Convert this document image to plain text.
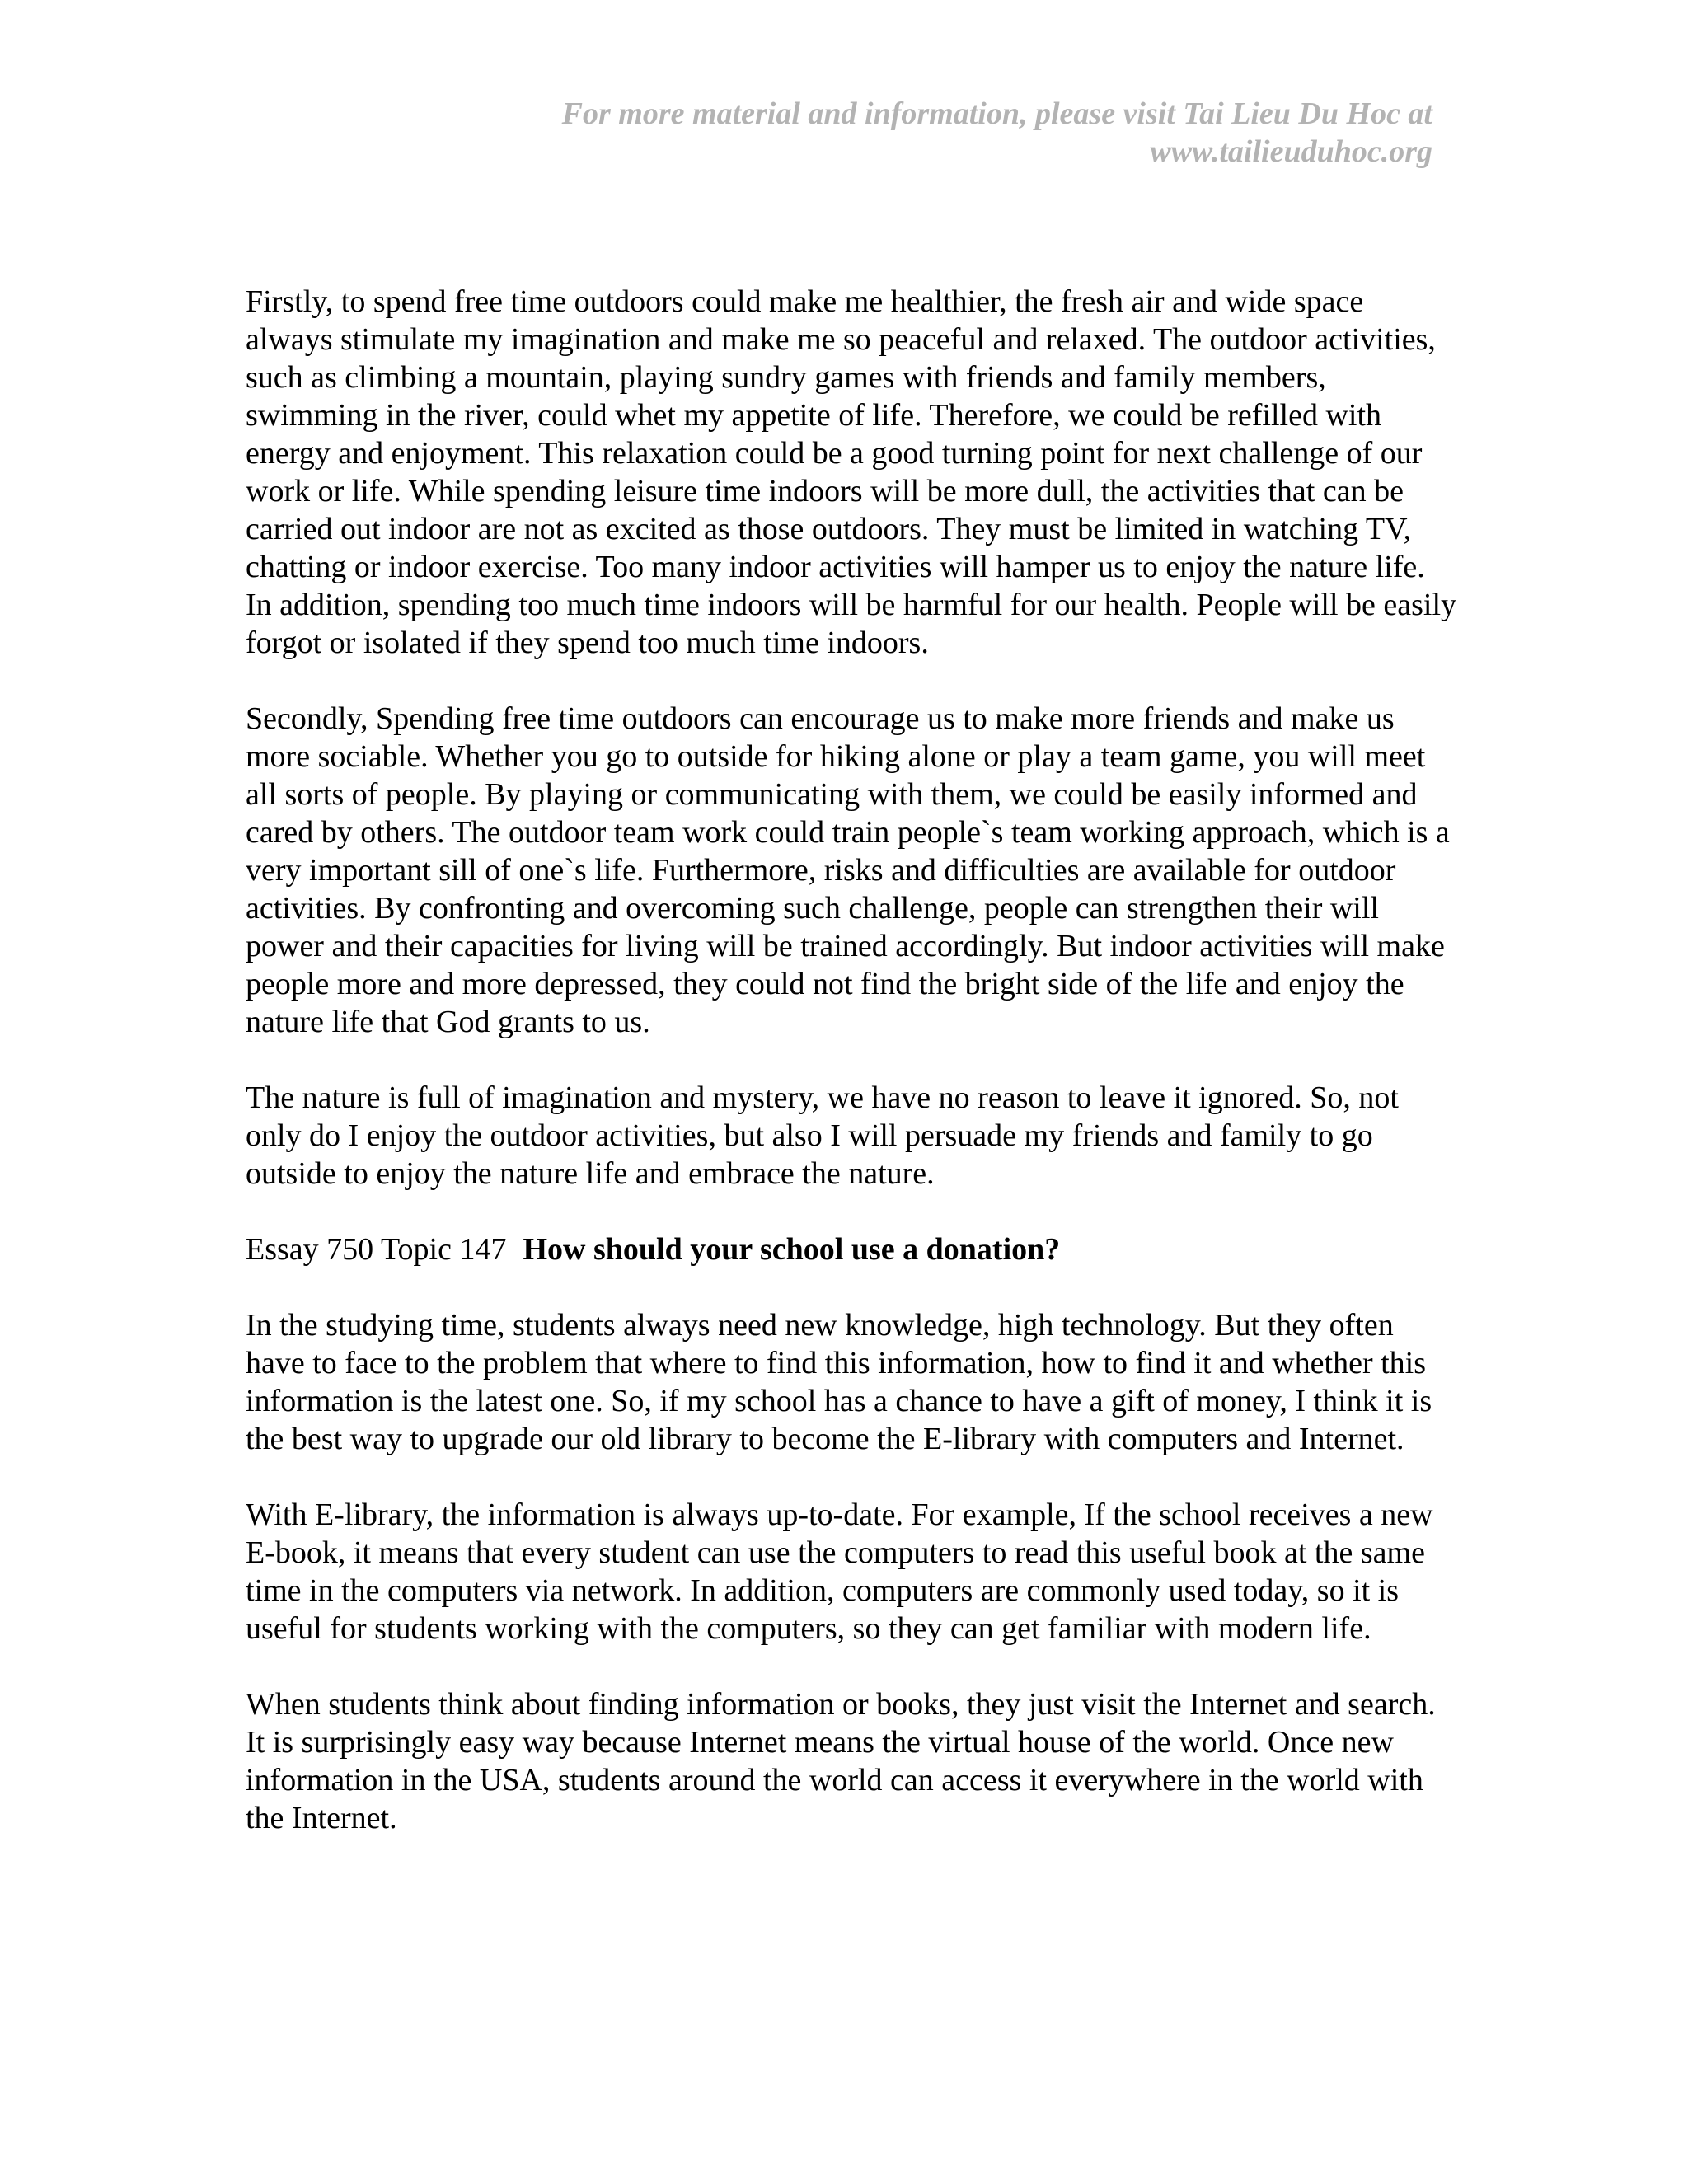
For more material and information, please visit Tai Lieu Du Hoc at
www.tailieuduhoc.org

Firstly, to spend free time outdoors could make me healthier, the fresh air and wide space always stimulate my imagination and make me so peaceful and relaxed. The outdoor activities, such as climbing a mountain, playing sundry games with friends and family members, swimming in the river, could whet my appetite of life. Therefore, we could be refilled with energy and enjoyment. This relaxation could be a good turning point for next challenge of our work or life. While spending leisure time indoors will be more dull, the activities that can be carried out indoor are not as excited as those outdoors. They must be limited in watching TV, chatting or indoor exercise. Too many indoor activities will hamper us to enjoy the nature life. In addition, spending too much time indoors will be harmful for our health. People will be easily forgot or isolated if they spend too much time indoors.

Secondly, Spending free time outdoors can encourage us to make more friends and make us more sociable. Whether you go to outside for hiking alone or play a team game, you will meet all sorts of people. By playing or communicating with them, we could be easily informed and cared by others. The outdoor team work could train people`s team working approach, which is a very important sill of one`s life. Furthermore, risks and difficulties are available for outdoor activities. By confronting and overcoming such challenge, people can strengthen their will power and their capacities for living will be trained accordingly. But indoor activities will make people more and more depressed, they could not find the bright side of the life and enjoy the nature life that God grants to us.

The nature is full of imagination and mystery, we have no reason to leave it ignored. So, not only do I enjoy the outdoor activities, but also I will persuade my friends and family to go outside to enjoy the nature life and embrace the nature.

Essay 750 Topic 147 How should your school use a donation?

In the studying time, students always need new knowledge, high technology. But they often have to face to the problem that where to find this information, how to find it and whether this information is the latest one. So, if my school has a chance to have a gift of money, I think it is the best way to upgrade our old library to become the E-library with computers and Internet.

With E-library, the information is always up-to-date. For example, If the school receives a new E-book, it means that every student can use the computers to read this useful book at the same time in the computers via network. In addition, computers are commonly used today, so it is useful for students working with the computers, so they can get familiar with modern life.

When students think about finding information or books, they just visit the Internet and search. It is surprisingly easy way because Internet means the virtual house of the world. Once new information in the USA, students around the world can access it everywhere in the world with the Internet.
